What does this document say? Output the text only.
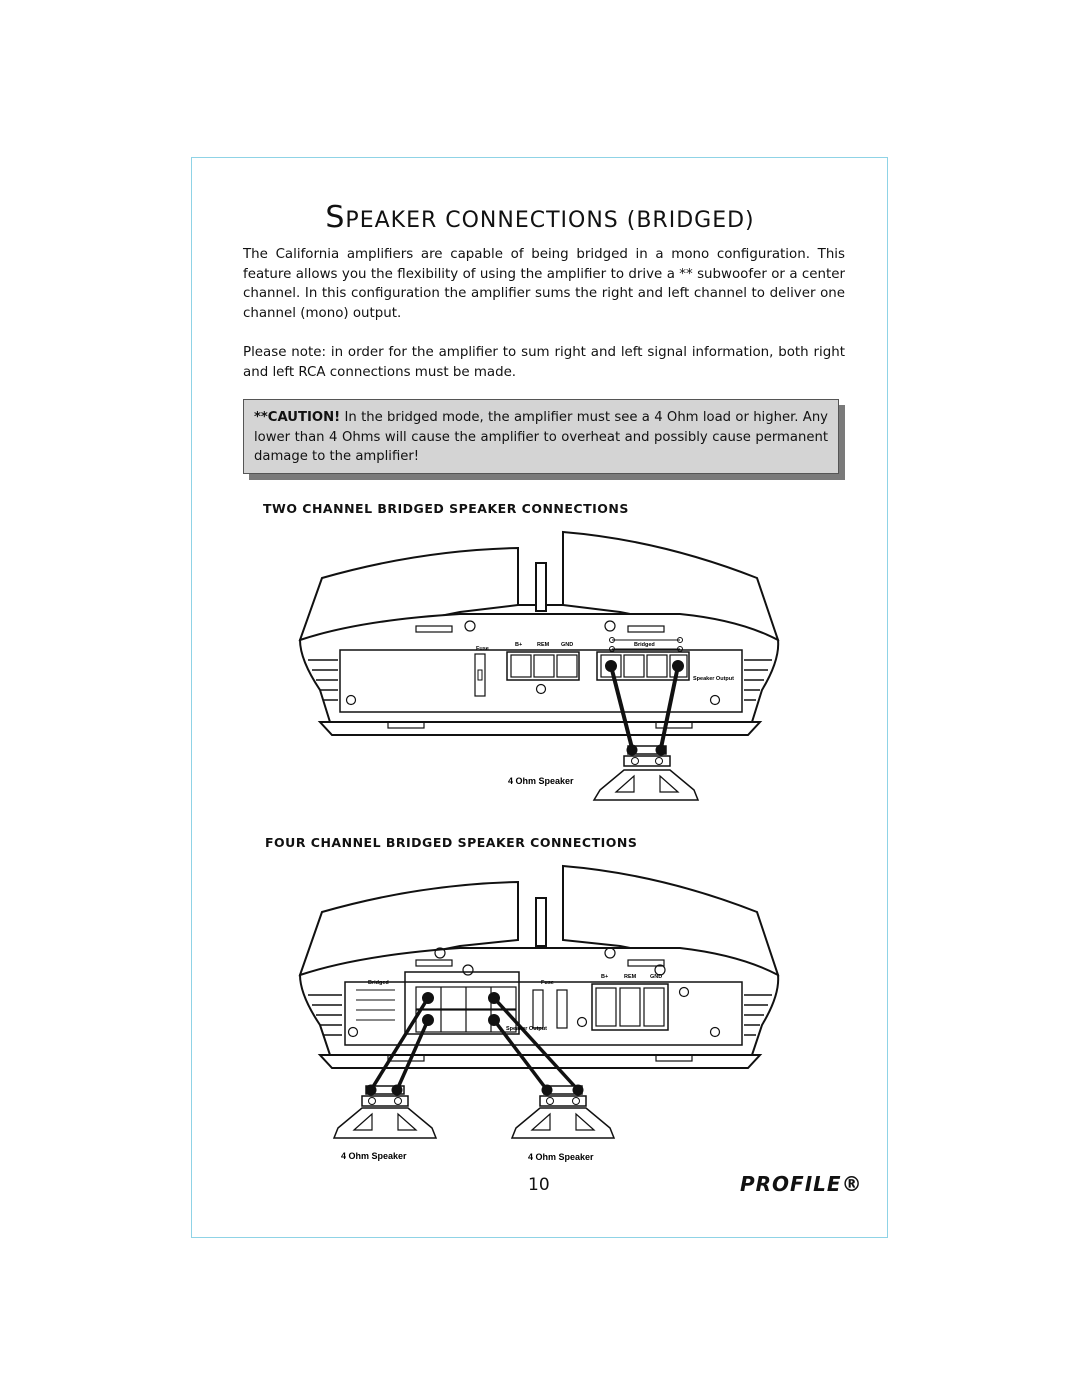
SPEAKER CONNECTIONS (BRIDGED)
The California amplifiers are capable of being bridged in a mono configuration. This feature allows you the flexibility of using the amplifier to drive a ** subwoofer or a center channel. In this configuration the amplifier sums the right and left channel to deliver one channel (mono) output.
Please note: in order for the amplifier to sum right and left signal information, both right and left RCA connections must be made.
**CAUTION! In the bridged mode, the amplifier must see a 4 Ohm load or higher. Any lower than 4 Ohms will cause the amplifier to overheat and possibly cause permanent damage to the amplifier!
TWO CHANNEL BRIDGED SPEAKER CONNECTIONS
FOUR CHANNEL BRIDGED SPEAKER CONNECTIONS
Fuse
B+	REM GND	Bridged
Speaker Output
4 Ohm Speaker
Fuse
B+	REM	GND
Bridged
Speaker Output
4 Ohm Speaker	4 Ohm Speaker
10	PROFILE®
